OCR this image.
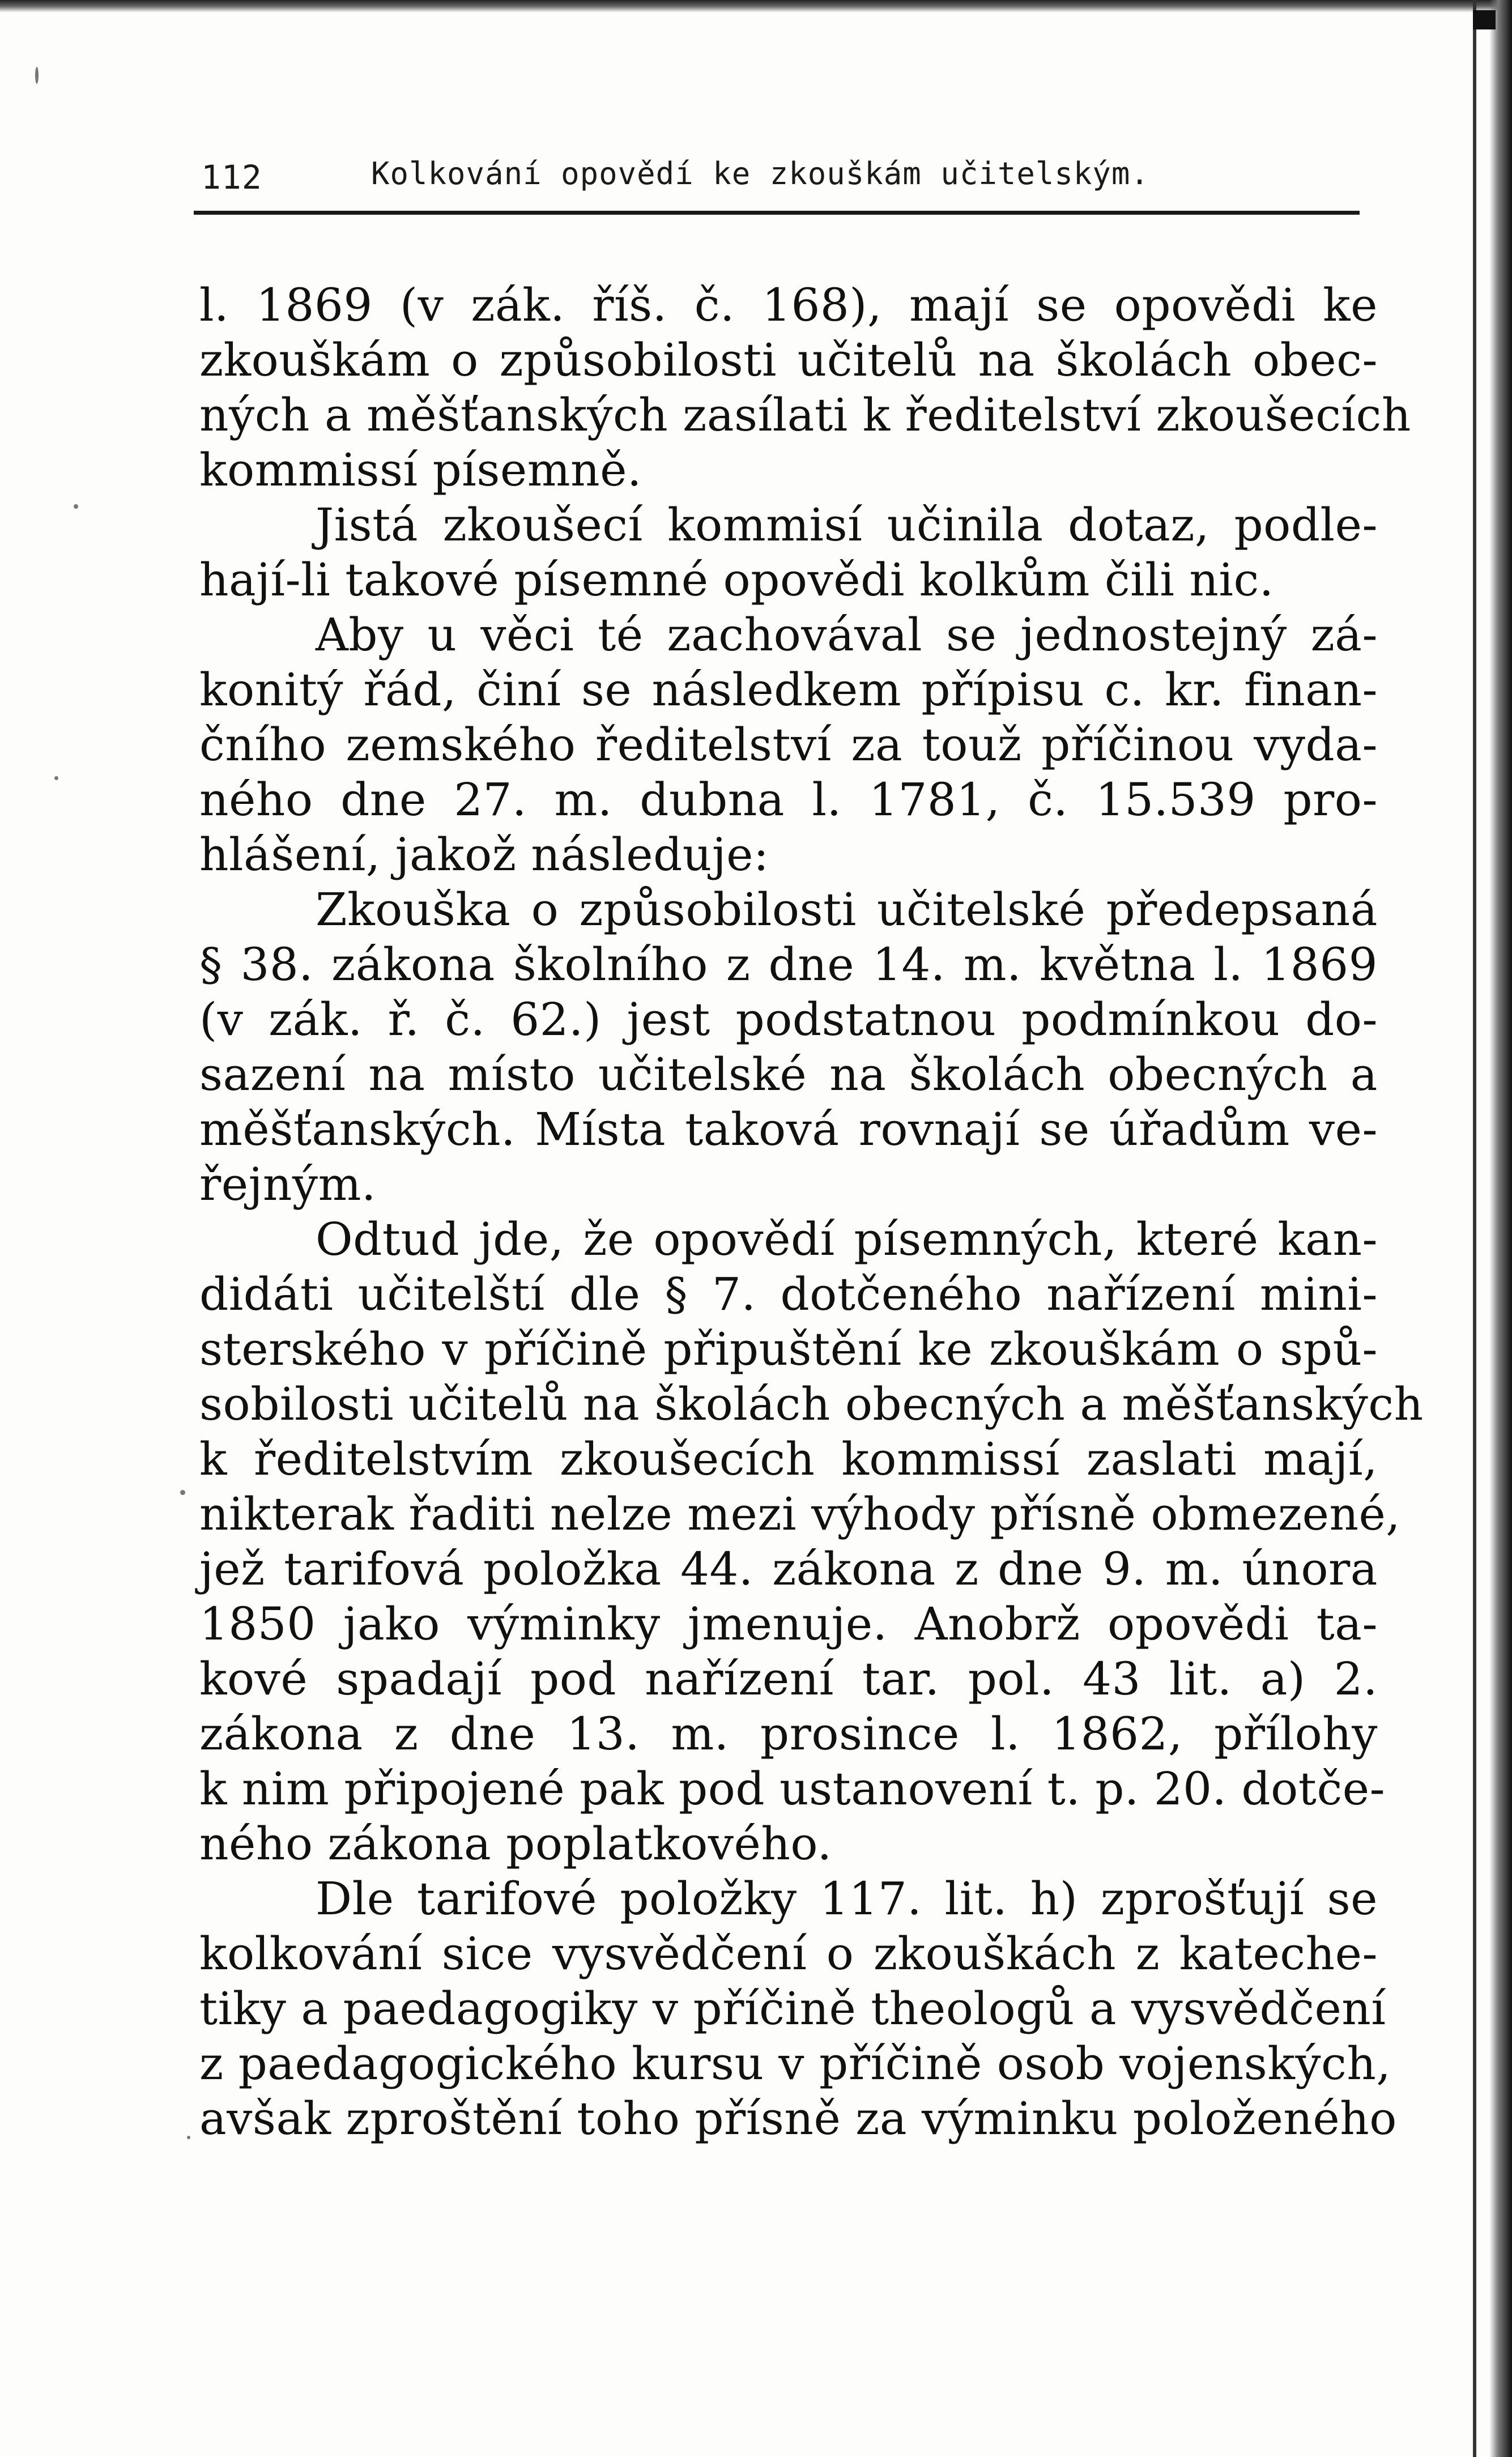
112	Kolkování opovědí ke zkouškám učitelským.
l. 1869 (v zák. říš. č. 168), mají se opovědi ke
zkouškám o způsobilosti učitelů na školách obec-
ných a měšťanských zasílati k ředitelství zkoušecích
kommissí písemně.
Jistá zkoušecí kommisí učinila dotaz, podle-
hají-li takové písemné opovědi kolkům čili nic.
Aby u věci té zachovával se jednostejný zá-
konitý řád, činí se následkem přípisu c. kr. finan-
čního zemského ředitelství za touž příčinou vyda-
ného dne 27. m. dubna l. 1781, č. 15.539 pro-
hlášení, jakož následuje:
Zkouška o způsobilosti učitelské předepsaná
§ 38. zákona školního z dne 14. m. května l. 1869
(v zák. ř. č. 62.) jest podstatnou podmínkou do-
sazení na místo učitelské na školách obecných a
měšťanských. Místa taková rovnají se úřadům ve-
řejným.
Odtud jde, že opovědí písemných, které kan-
didáti učitelští dle § 7. dotčeného nařízení mini-
sterského v příčině připuštění ke zkouškám o spů-
sobilosti učitelů na školách obecných a měšťanských
k ředitelstvím zkoušecích kommissí zaslati mají,
nikterak řaditi nelze mezi výhody přísně obmezené,
jež tarifová položka 44. zákona z dne 9. m. února
1850 jako výminky jmenuje. Anobrž opovědi ta-
kové spadají pod nařízení tar. pol. 43 lit. a) 2.
zákona z dne 13. m. prosince l. 1862, přílohy
k nim připojené pak pod ustanovení t. p. 20. dotče-
ného zákona poplatkového.
Dle tarifové položky 117. lit. h) zprošťují se
kolkování sice vysvědčení o zkouškách z kateche-
tiky a paedagogiky v příčině theologů a vysvědčení
z paedagogického kursu v příčině osob vojenských,
avšak zproštění toho přísně za výminku položeného
